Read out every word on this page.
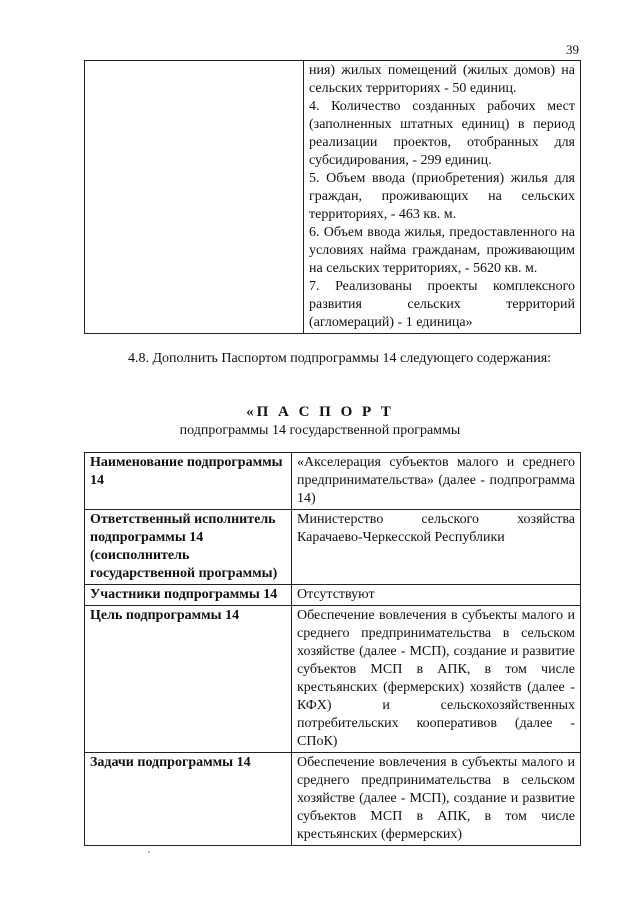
39

ния) жилых помещений (жилых домов) на сельских территориях - 50 единиц.
4. Количество созданных рабочих мест (заполненных штатных единиц) в период реализации проектов, отобранных для субсидирования, - 299 единиц.
5. Объем ввода (приобретения) жилья для граждан, проживающих на сельских территориях, - 463 кв. м.
6. Объем ввода жилья, предоставленного на условиях найма гражданам, проживающим на сельских территориях, - 5620 кв. м.
7. Реализованы проекты комплексного развития сельских территорий (агломераций) - 1 единица»
4.8. Дополнить Паспортом подпрограммы 14 следующего содержания:
«П А С П О Р Т
подпрограммы 14 государственной программы
Наименование подпрограммы 14	«Акселерация субъектов малого и среднего предпринимательства» (далее - подпрограмма 14)
Ответственный исполнитель подпрограммы 14 (соисполнитель государственной программы)	Министерство сельского хозяйства Карачаево-Черкесской Республики
Участники подпрограммы 14	Отсутствуют
Цель подпрограммы 14	Обеспечение вовлечения в субъекты малого и среднего предпринимательства в сельском хозяйстве (далее - МСП), создание и развитие субъектов МСП в АПК, в том числе крестьянских (фермерских) хозяйств (далее - КФХ) и сельскохозяйственных потребительских кооперативов (далее - СПоК)
Задачи подпрограммы 14	Обеспечение вовлечения в субъекты малого и среднего предпринимательства в сельском хозяйстве (далее - МСП), создание и развитие субъектов МСП в АПК, в том числе крестьянских (фермерских)
